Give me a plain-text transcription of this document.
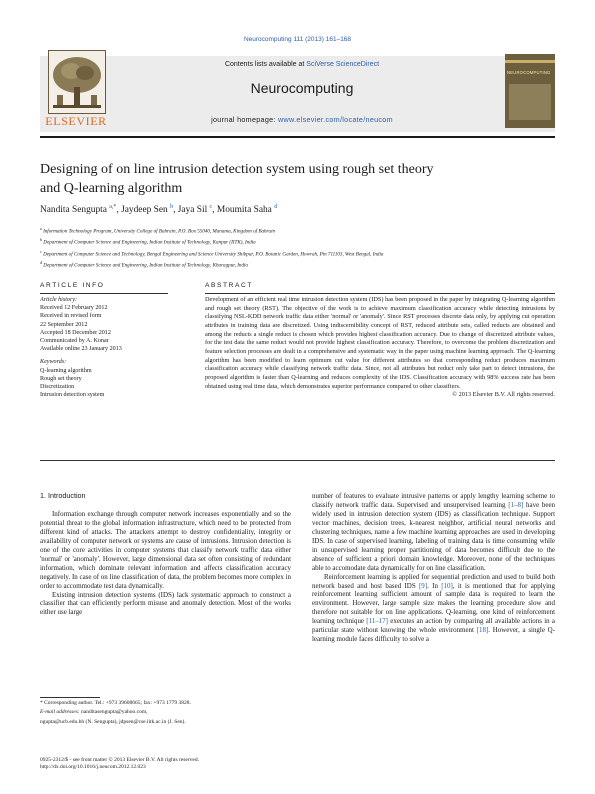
Neurocomputing 111 (2013) 161–168
ELSEVIER
Contents lists available at SciVerse ScienceDirect
Neurocomputing
journal homepage: www.elsevier.com/locate/neucom
NEUROCOMPUTING
Designing of on line intrusion detection system using rough set theory
and Q-learning algorithm
Nandita Sengupta $^{a,*}$, Jaydeep Sen $^b$, Jaya Sil $^c$, Moumita Saha $^d$
$^a$ Information Technology Program, University College of Bahrain, P.O. Box 55040, Manama, Kingdom of Bahrain
$^b$ Department of Computer Science and Engineering, Indian Institute of Technology, Kanpur (IITK), India
$^c$ Department of Computer Science and Technology, Bengal Engineering and Science University Shibpur, P.O. Botanic Garden, Howrah, Pin 711103, West Bengal, India
$^d$ Department of Computer Science and Engineering, Indian Institute of Technology, Kharagpur, India
ARTICLE INFO	ABSTRACT
Article history:
Received 12 February 2012
Received in revised form
22 September 2012
Accepted 18 December 2012
Communicated by A. Konar
Available online 23 January 2013
Keywords:
Q-learning algorithm
Rough set theory
Discretization
Intrusion detection system

Development of an efficient real time intrusion detection system (IDS) has been proposed in the paper by integrating Q-learning algorithm and rough set theory (RST). The objective of the work is to achieve maximum classification accuracy while detecting intrusions by classifying NSL-KDD network traffic data either 'normal' or 'anomaly'. Since RST processes discrete data only, by applying cut operation attributes in training data are discretized. Using indiscernibility concept of RST, reduced attribute sets, called reducts are obtained and among the reducts a single reduct is chosen which provides highest classification accuracy. Due to change of discretized attribute values, for the test data the same reduct would not provide highest classification accuracy. Therefore, to overcome the problem discretization and feature selection processes are dealt in a comprehensive and systematic way in the paper using machine learning approach. The Q-learning algorithm has been modified to learn optimum cut value for different attributes so that corresponding reduct produces maximum classification accuracy while classifying network traffic data. Since, not all attributes but reduct only take part to detect intrusions, the proposed algorithm is faster than Q-learning and reduces complexity of the IDS. Classification accuracy with 98% success rate has been obtained using real time data, which demonstrates superior performance compared to other classifiers.

© 2013 Elsevier B.V. All rights reserved.
1. Introduction

Information exchange through computer network increases exponentially and so the potential threat to the global information infrastructure, which need to be protected from different kind of attacks. The attackers attempt to destroy confidentiality, integrity or availability of computer network or systems are cause of intrusions. Intrusion detection is one of the core activities in computer systems that classify network traffic data either 'normal' or 'anomaly'. However, large dimensional data set often consisting of redundant information, which dominate relevant information and affects classification accuracy negatively. In case of on line classification of data, the problem becomes more complex in order to accommodate test data dynamically.

Existing intrusion detection systems (IDS) lack systematic approach to construct a classifier that can efficiently perform misuse and anomaly detection. Most of the works either use large

number of features to evaluate intrusive patterns or apply lengthy learning scheme to classify network traffic data. Supervised and unsupervised learning [1–8] have been widely used in intrusion detection system (IDS) as classification technique. Support vector machines, decision trees, k-nearest neighbor, artificial neural networks and clustering techniques, name a few machine learning approaches are used in developing IDS. In case of supervised learning, labeling of training data is time consuming while in unsupervised learning proper partitioning of data becomes difficult due to the absence of sufficient a priori domain knowledge. Moreover, none of the techniques able to accomodate data dynamically for on line classification.

Reinforcement learning is applied for sequential prediction and used to build both network based and host based IDS [9]. In [10], it is mentioned that for applying reinforcement learning sufficient amount of sample data is required to learn the environment. However, large sample size makes the learning procedure slow and therefore not suitable for on line applications. Q-learning, one kind of reinforcement learning technique [11–17] executes an action by comparing all available actions in a particular state without knowing the whole environment [18]. However, a single Q-learning module faces difficulty to solve a

* Corresponding author. Tel.: +973 39608665; fax: +973 1779 3828.
E-mail addresses: nanditasengupta@yahoo.com,
ngupta@ucb.edu.bh (N. Sengupta), jdpsen@cse.iitk.ac.in (J. Sen).
0925-2312/$ - see front matter © 2013 Elsevier B.V. All rights reserved.
http://dx.doi.org/10.1016/j.neucom.2012.12.023
